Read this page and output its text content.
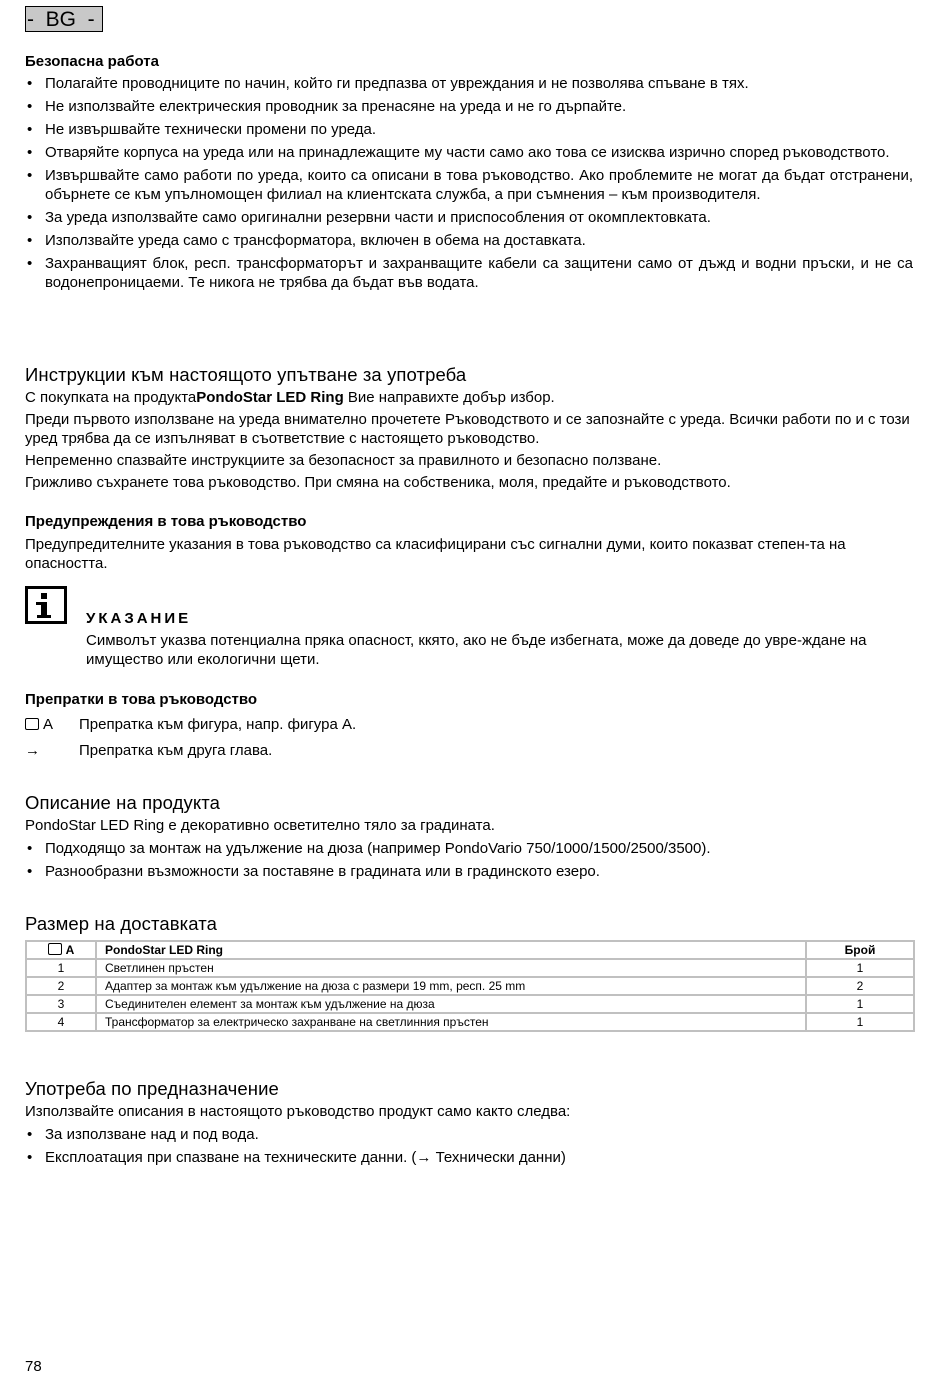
-  BG  -
Безопасна работа
• Полагайте проводниците по начин, който ги предпазва от увреждания и не позволява спъване в тях.
• Не използвайте електрическия проводник за пренасяне на уреда и не го дърпайте.
• Не извършвайте технически промени по уреда.
• Отваряйте корпуса на уреда или на принадлежащите му части само ако това се изисква изрично според ръководството.
• Извършвайте само работи по уреда, които са описани в това ръководство. Ако проблемите не могат да бъдат отстранени, обърнете се към упълномощен филиал на клиентската служба, а при съмнения – към производителя.
• За уреда използвайте само оригинални резервни части и приспособления от окомплектовката.
• Използвайте уреда само с трансформатора, включен в обема на доставката.
• Захранващият блок, респ. трансформаторът и захранващите кабели са защитени само от дъжд и водни пръски, и не са водонепроницаеми. Те никога не трябва да бъдат във водата.
Инструкции към настоящото упътване за употреба

С покупката на продуктаPondoStar LED Ring Вие направихте добър избор.

Преди първото използване на уреда внимателно прочетете Ръководството и се запознайте с уреда. Всички работи по и с този уред трябва да се изпълняват в съответствие с настоящето ръководство.

Непременно спазвайте инструкциите за безопасност за правилното и безопасно ползване.

Грижливо съхранете това ръководство. При смяна на собственика, моля, предайте и ръководството.

Предупреждения в това ръководство

Предупредителните указания в това ръководство са класифицирани със сигнални думи, които показват степен-та на опасността.

УКАЗАНИЕ
Символът указва потенциална пряка опасност, ккято, ако не бъде избегната, може да доведе до увре-ждане на имущество или екологични щети.
Препратки в това ръководство
A Препратка към фигура, напр. фигура A.
→	Препратка към друга глава.
Описание на продукта

PondoStar LED Ring е декоративно осветително тяло за градината.

• Подходящо за монтаж на удължение на дюза (например PondoVario 750/1000/1500/2500/3500).
• Разнообразни възможности за поставяне в градината или в градинското езеро.
Размер на доставката
A	PondoStar LED Ring	Брой
1	Светлинен пръстен	1
2	Адаптер за монтаж към удължение на дюза с размери 19 mm, респ. 25 mm	2
3	Съединителен елемент за монтаж към удължение на дюза	1
4	Трансформатор за електрическо захранване на светлинния пръстен	1
Употреба по предназначение

Използвайте описания в настоящото ръководство продукт само както следва:

• За използване над и под вода.
• Експлоатация при спазване на техническите данни. (→ Технически данни)
78
